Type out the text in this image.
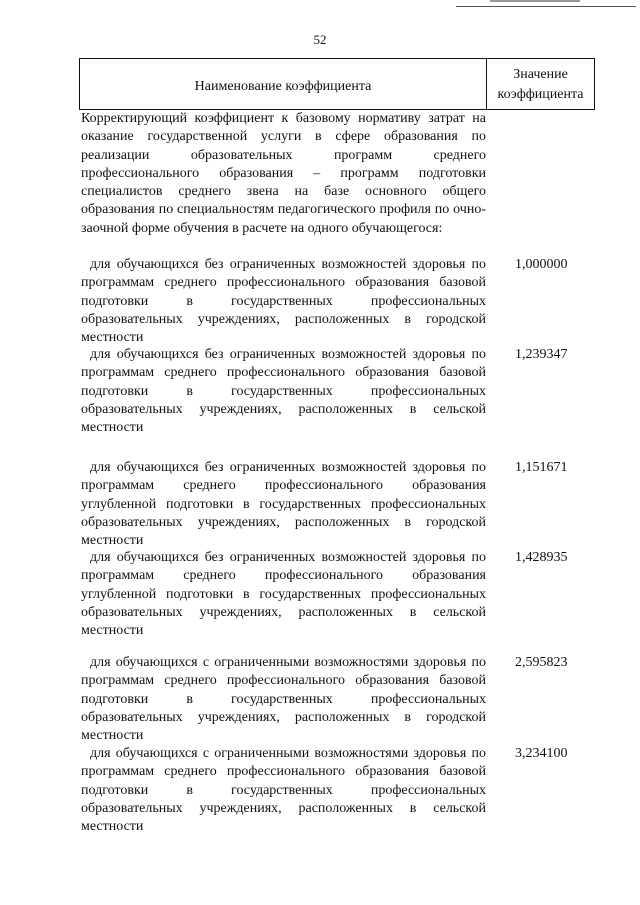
52
Наименование коэффициента
Значение
коэффициента

Корректирующий коэффициент к базовому нормативу затрат на оказание государственной услуги в сфере образования по реализации образовательных программ среднего профессионального образования – программ подготовки специалистов среднего звена на базе основного общего образования по специальностям педагогического профиля по очно-заочной форме обучения в расчете на одного обучающегося:

для обучающихся без ограниченных возможностей здоровья по программам среднего профессионального образования базовой подготовки в государственных профессиональных образовательных учреждениях, расположенных в городской местности

1,000000

для обучающихся без ограниченных возможностей здоровья по программам среднего профессионального образования базовой подготовки в государственных профессиональных образовательных учреждениях, расположенных в сельской местности

1,239347

для обучающихся без ограниченных возможностей здоровья по программам среднего профессионального образования углубленной подготовки в государственных профессиональных образовательных учреждениях, расположенных в городской местности

1,151671

для обучающихся без ограниченных возможностей здоровья по программам среднего профессионального образования углубленной подготовки в государственных профессиональных образовательных учреждениях, расположенных в сельской местности

1,428935

для обучающихся с ограниченными возможностями здоровья по программам среднего профессионального образования базовой подготовки в государственных профессиональных образовательных учреждениях, расположенных в городской местности

2,595823

для обучающихся с ограниченными возможностями здоровья по программам среднего профессионального образования базовой подготовки в государственных профессиональных образовательных учреждениях, расположенных в сельской местности

3,234100
